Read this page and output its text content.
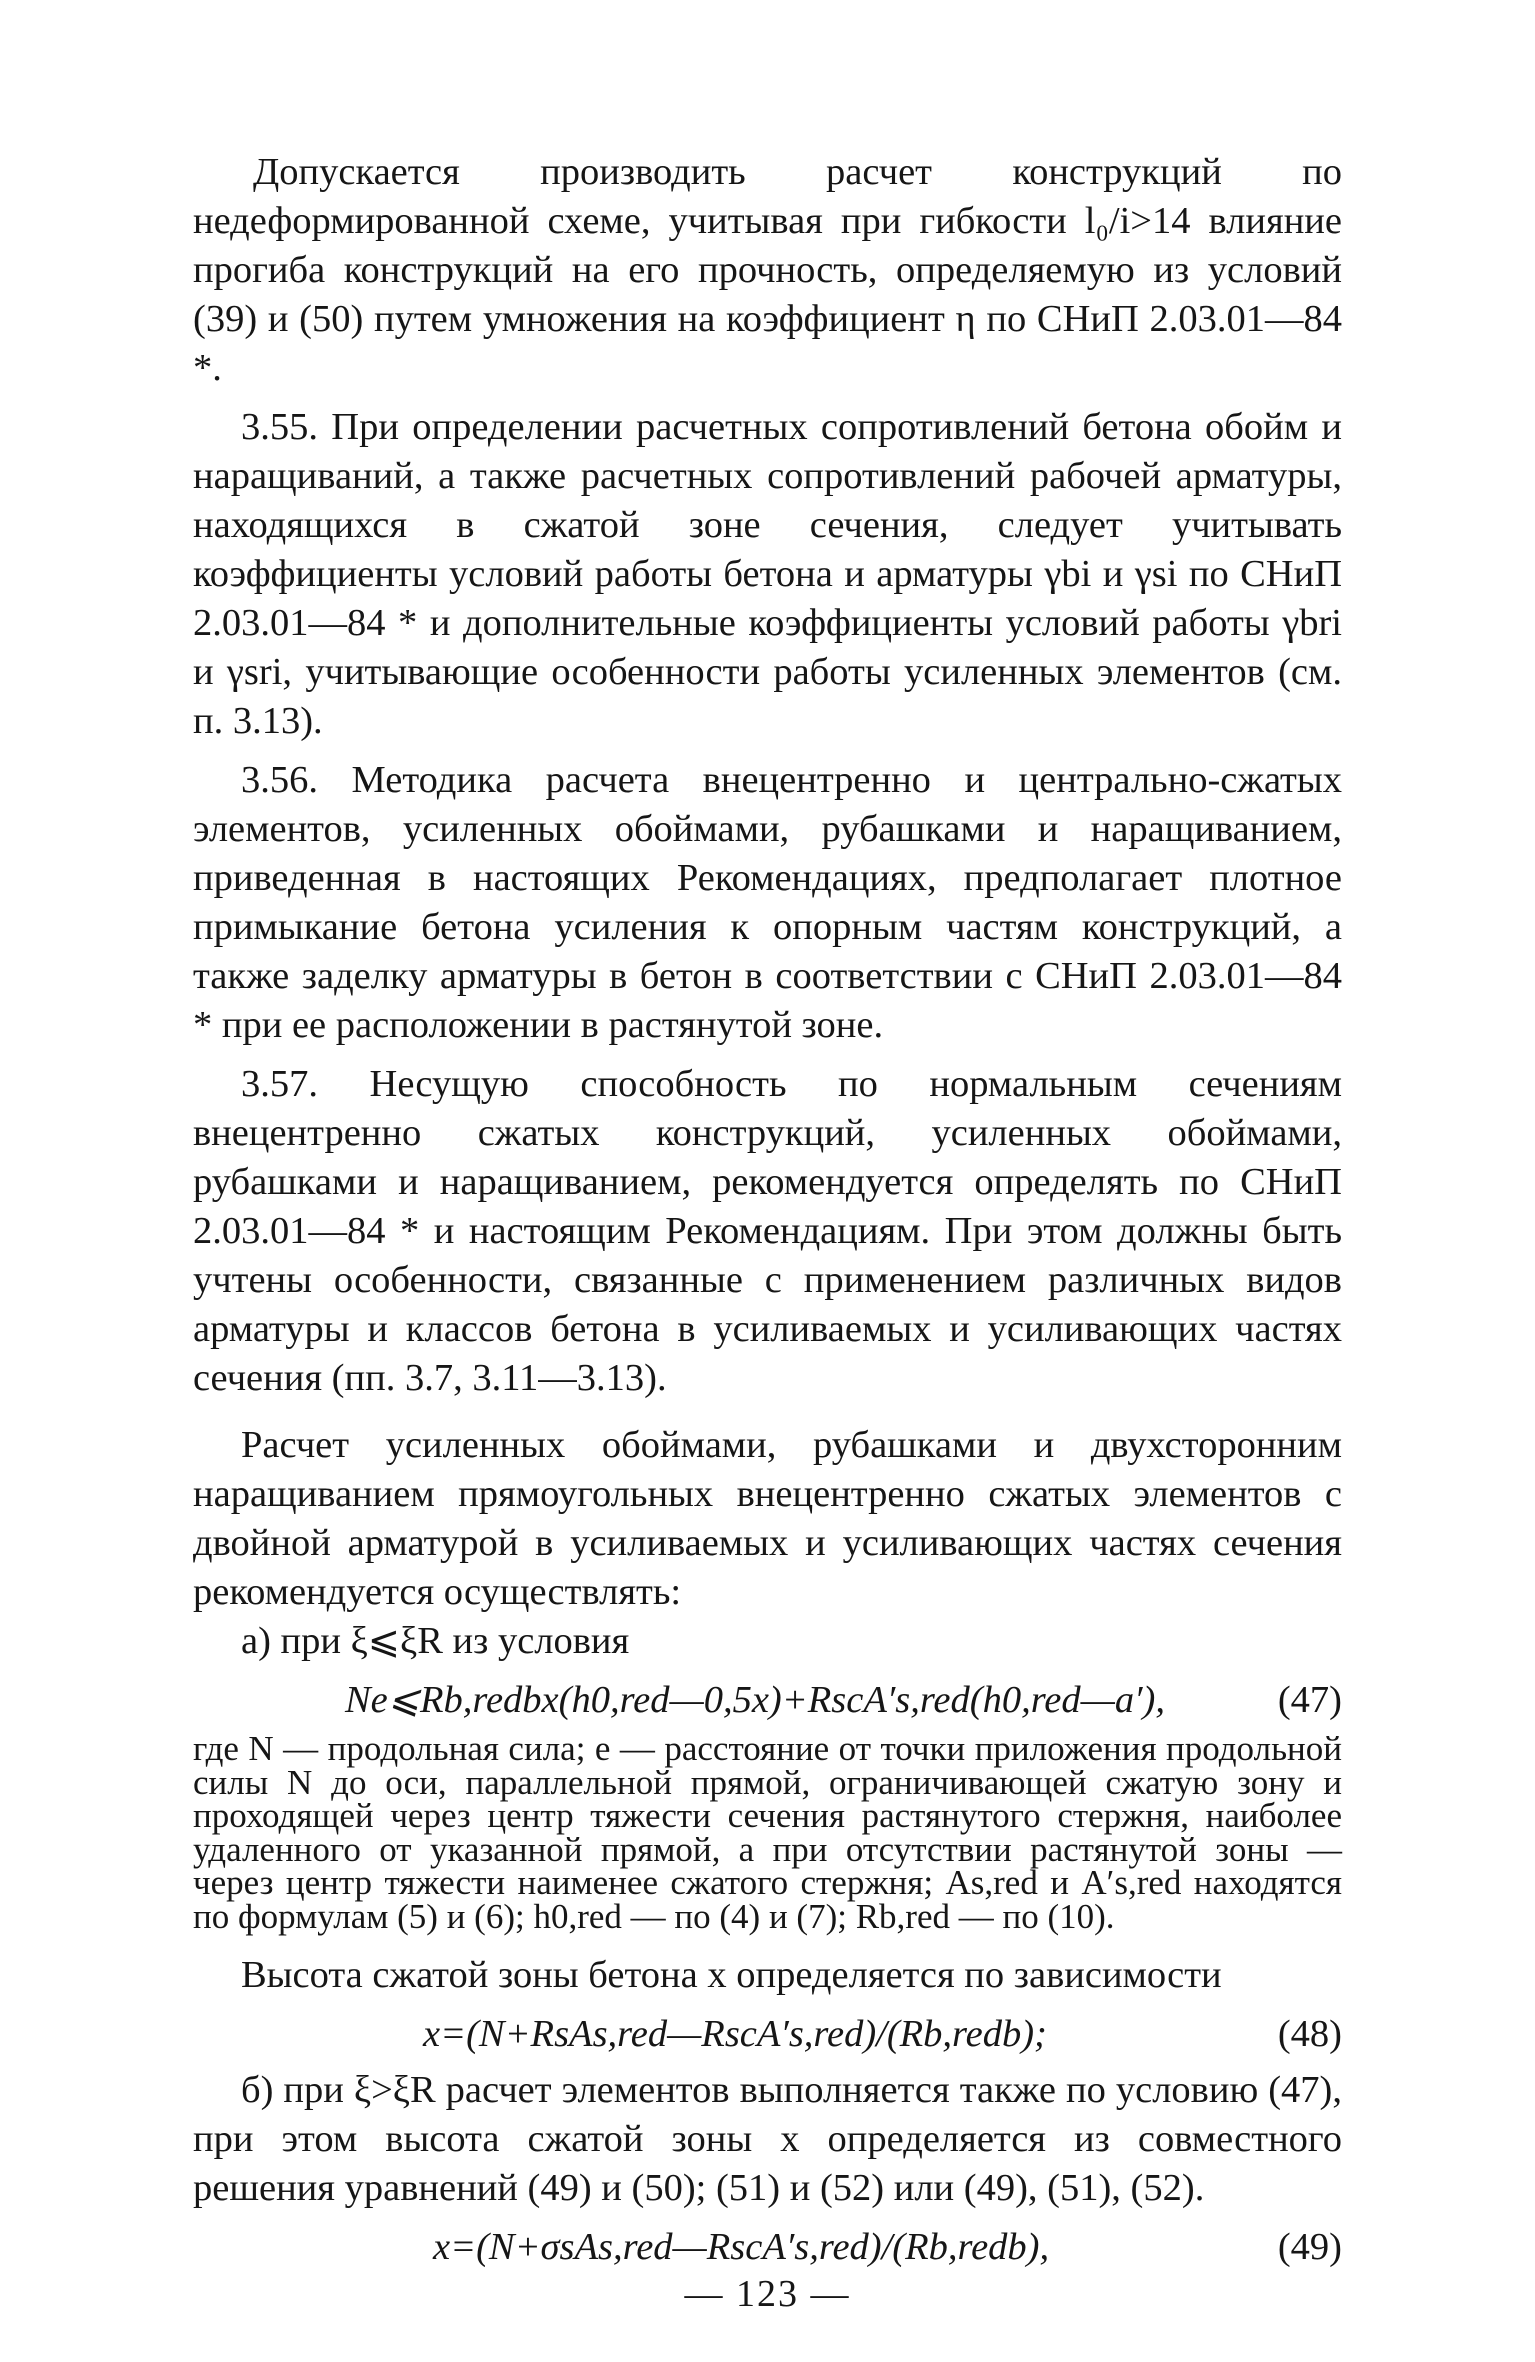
Допускается производить расчет конструкций по недеформированной схеме, учитывая при гибкости l₀/i>14 влияние прогиба конструкций на его прочность, определяемую из условий (39) и (50) путем умножения на коэффициент η по СНиП 2.03.01—84 *.

3.55. При определении расчетных сопротивлений бетона обойм и наращиваний, а также расчетных сопротивлений рабочей арматуры, находящихся в сжатой зоне сечения, следует учитывать коэффициенты условий работы бетона и арматуры γbi и γsi по СНиП 2.03.01—84 * и дополнительные коэффициенты условий работы γbri и γsri, учитывающие особенности работы усиленных элементов (см. п. 3.13).

3.56. Методика расчета внецентренно и центрально-сжатых элементов, усиленных обоймами, рубашками и наращиванием, приведенная в настоящих Рекомендациях, предполагает плотное примыкание бетона усиления к опорным частям конструкций, а также заделку арматуры в бетон в соответствии с СНиП 2.03.01—84 * при ее расположении в растянутой зоне.

3.57. Несущую способность по нормальным сечениям внецентренно сжатых конструкций, усиленных обоймами, рубашками и наращиванием, рекомендуется определять по СНиП 2.03.01—84 * и настоящим Рекомендациям. При этом должны быть учтены особенности, связанные с применением различных видов арматуры и классов бетона в усиливаемых и усиливающих частях сечения (пп. 3.7, 3.11—3.13).

Расчет усиленных обоймами, рубашками и двухсторонним наращиванием прямоугольных внецентренно сжатых элементов с двойной арматурой в усиливаемых и усиливающих частях сечения рекомендуется осуществлять:

а) при ξ⩽ξR из условия

Ne⩽Rb,redbx(h0,red—0,5x)+RscA′s,red(h0,red—a′),	(47)

где N — продольная сила; e — расстояние от точки приложения продольной силы N до оси, параллельной прямой, ограничивающей сжатую зону и проходящей через центр тяжести сечения растянутого стержня, наиболее удаленного от указанной прямой, а при отсутствии растянутой зоны — через центр тяжести наименее сжатого стержня; As,red и A′s,red находятся по формулам (5) и (6); h0,red — по (4) и (7); Rb,red — по (10).

Высота сжатой зоны бетона x определяется по зависимости

x=(N+RsAs,red—RscA′s,red)/(Rb,redb);	(48)

б) при ξ>ξR расчет элементов выполняется также по условию (47), при этом высота сжатой зоны x определяется из совместного решения уравнений (49) и (50); (51) и (52) или (49), (51), (52).

x=(N+σsAs,red—RscA′s,red)/(Rb,redb),	(49)
— 123 —
